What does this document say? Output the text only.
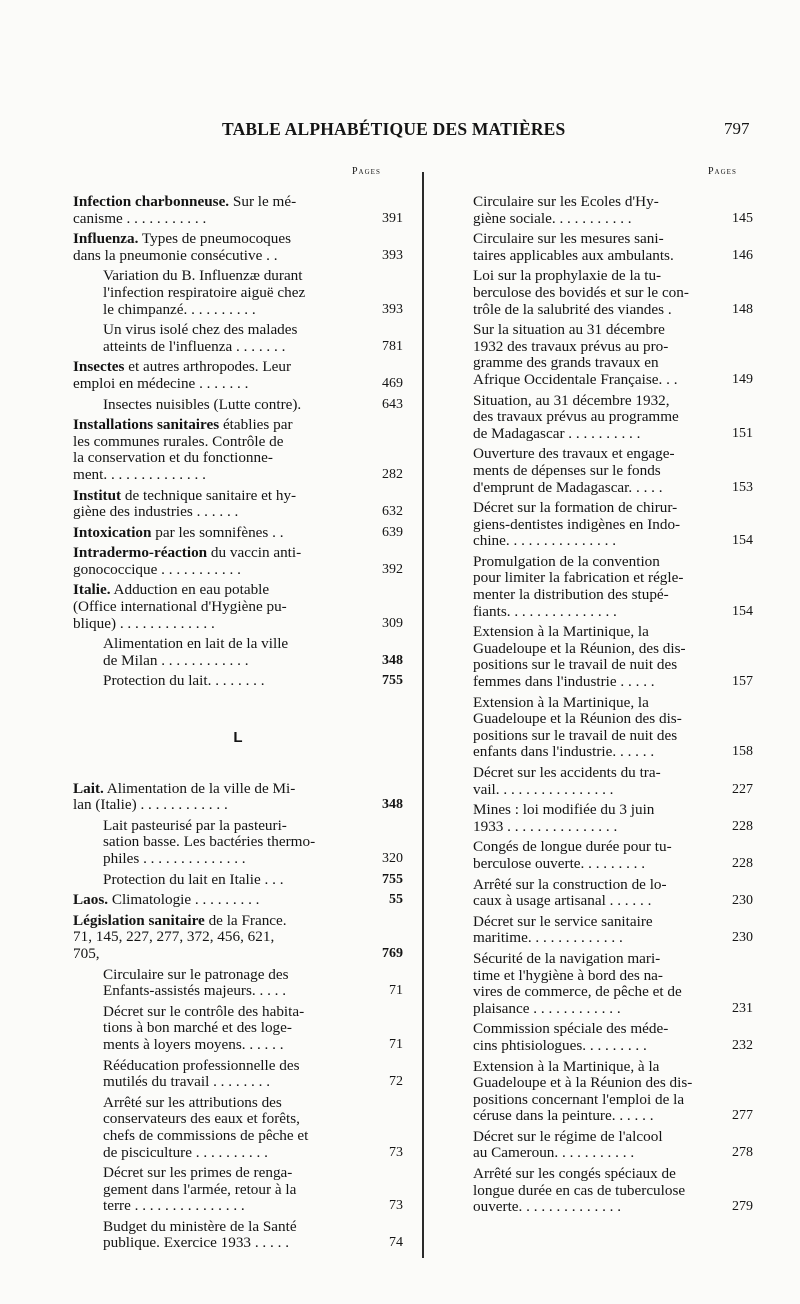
TABLE ALPHABÉTIQUE DES MATIÈRES	797
Pages	Pages
Infection charbonneuse. Sur le mé-
canisme . . . . . . . . . . .	391
Influenza. Types de pneumocoques
dans la pneumonie consécutive . .	393
Variation du B. Influenzæ durant
l'infection respiratoire aiguë chez
le chimpanzé. . . . . . . . . .	393
Un virus isolé chez des malades
atteints de l'influenza . . . . . . .	781
Insectes et autres arthropodes. Leur
emploi en médecine . . . . . . .	469
Insectes nuisibles (Lutte contre).	643
Installations sanitaires établies par
les communes rurales. Contrôle de
la conservation et du fonctionne-
ment. . . . . . . . . . . . . .	282
Institut de technique sanitaire et hy-
giène des industries . . . . . .	632
Intoxication par les somnifènes . .	639
Intradermo-réaction du vaccin anti-
gonococcique . . . . . . . . . . .	392
Italie. Adduction en eau potable
(Office international d'Hygiène pu-
blique) . . . . . . . . . . . . .	309
Alimentation en lait de la ville
de Milan . . . . . . . . . . . .	348
Protection du lait. . . . . . . .	755
L
Lait. Alimentation de la ville de Mi-
lan (Italie) . . . . . . . . . . . .	348
Lait pasteurisé par la pasteuri-
sation basse. Les bactéries thermo-
philes . . . . . . . . . . . . . .	320
Protection du lait en Italie . . .	755
Laos. Climatologie . . . . . . . . .	55
Législation sanitaire de la France.
71, 145, 227, 277, 372, 456, 621,
705,	769
Circulaire sur le patronage des
Enfants-assistés majeurs. . . . .	71
Décret sur le contrôle des habita-
tions à bon marché et des loge-
ments à loyers moyens. . . . . .	71
Rééducation professionnelle des
mutilés du travail . . . . . . . .	72
Arrêté sur les attributions des
conservateurs des eaux et forêts,
chefs de commissions de pêche et
de pisciculture . . . . . . . . . .	73
Décret sur les primes de renga-
gement dans l'armée, retour à la
terre . . . . . . . . . . . . . . .	73
Budget du ministère de la Santé
publique. Exercice 1933 . . . . .	74
Circulaire sur les Ecoles d'Hy-
giène sociale. . . . . . . . . . .	145
Circulaire sur les mesures sani-
taires applicables aux ambulants.	146
Loi sur la prophylaxie de la tu-
berculose des bovidés et sur le con-
trôle de la salubrité des viandes .	148
Sur la situation au 31 décembre
1932 des travaux prévus au pro-
gramme des grands travaux en
Afrique Occidentale Française. . .	149
Situation, au 31 décembre 1932,
des travaux prévus au programme
de Madagascar . . . . . . . . . .	151
Ouverture des travaux et engage-
ments de dépenses sur le fonds
d'emprunt de Madagascar. . . . .	153
Décret sur la formation de chirur-
giens-dentistes indigènes en Indo-
chine. . . . . . . . . . . . . . .	154
Promulgation de la convention
pour limiter la fabrication et régle-
menter la distribution des stupé-
fiants. . . . . . . . . . . . . . .	154
Extension à la Martinique, la
Guadeloupe et la Réunion, des dis-
positions sur le travail de nuit des
femmes dans l'industrie . . . . .	157
Extension à la Martinique, la
Guadeloupe et la Réunion des dis-
positions sur le travail de nuit des
enfants dans l'industrie. . . . . .	158
Décret sur les accidents du tra-
vail. . . . . . . . . . . . . . . .	227
Mines : loi modifiée du 3 juin
1933 . . . . . . . . . . . . . . .	228
Congés de longue durée pour tu-
berculose ouverte. . . . . . . . .	228
Arrêté sur la construction de lo-
caux à usage artisanal . . . . . .	230
Décret sur le service sanitaire
maritime. . . . . . . . . . . . .	230
Sécurité de la navigation mari-
time et l'hygiène à bord des na-
vires de commerce, de pêche et de
plaisance . . . . . . . . . . . .	231
Commission spéciale des méde-
cins phtisiologues. . . . . . . . .	232
Extension à la Martinique, à la
Guadeloupe et à la Réunion des dis-
positions concernant l'emploi de la
céruse dans la peinture. . . . . .	277
Décret sur le régime de l'alcool
au Cameroun. . . . . . . . . . .	278
Arrêté sur les congés spéciaux de
longue durée en cas de tuberculose
ouverte. . . . . . . . . . . . . .	279
